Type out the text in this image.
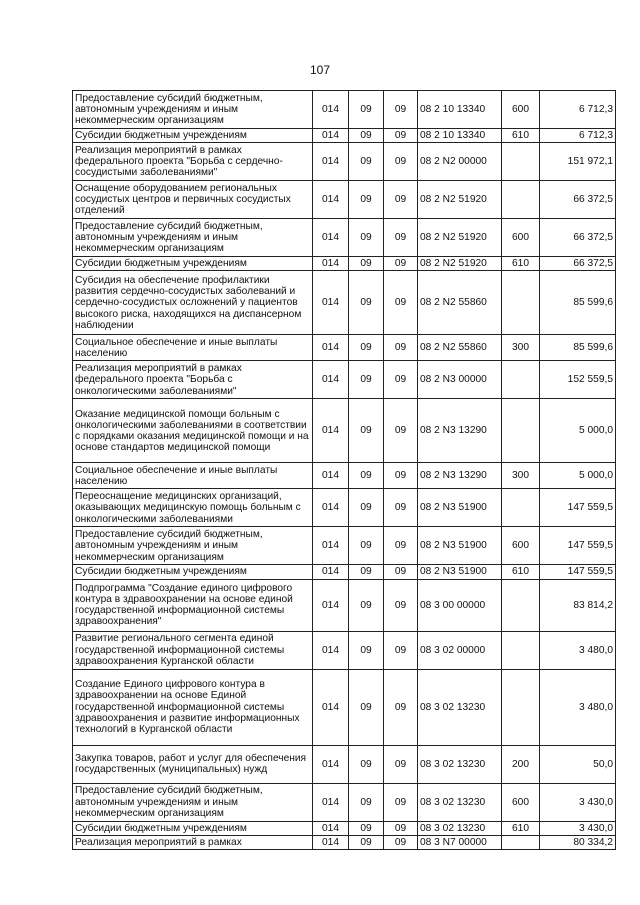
107
Предоставление субсидий бюджетным, автономным учреждениям и иным некоммерческим организациям	014	09	09	08 2 10 13340	600	6 712,3
Субсидии бюджетным учреждениям	014	09	09	08 2 10 13340	610	6 712,3
Реализация мероприятий в рамках федерального проекта "Борьба с сердечно-сосудистыми заболеваниями"	014	09	09	08 2 N2 00000		151 972,1
Оснащение оборудованием региональных сосудистых центров и первичных сосудистых отделений	014	09	09	08 2 N2 51920		66 372,5
Предоставление субсидий бюджетным, автономным учреждениям и иным некоммерческим организациям	014	09	09	08 2 N2 51920	600	66 372,5
Субсидии бюджетным учреждениям	014	09	09	08 2 N2 51920	610	66 372,5
Субсидия на обеспечение профилактики развития сердечно-сосудистых заболеваний и сердечно-сосудистых осложнений у пациентов высокого риска, находящихся на диспансерном наблюдении	014	09	09	08 2 N2 55860		85 599,6
Социальное обеспечение и иные выплаты населению	014	09	09	08 2 N2 55860	300	85 599,6
Реализация мероприятий в рамках федерального проекта "Борьба с онкологическими заболеваниями"	014	09	09	08 2 N3 00000		152 559,5
Оказание медицинской помощи больным с онкологическими заболеваниями в соответствии с порядками оказания медицинской помощи и на основе стандартов медицинской помощи	014	09	09	08 2 N3 13290		5 000,0
Социальное обеспечение и иные выплаты населению	014	09	09	08 2 N3 13290	300	5 000,0
Переоснащение медицинских организаций, оказывающих медицинскую помощь больным с онкологическими заболеваниями	014	09	09	08 2 N3 51900		147 559,5
Предоставление субсидий бюджетным, автономным учреждениям и иным некоммерческим организациям	014	09	09	08 2 N3 51900	600	147 559,5
Субсидии бюджетным учреждениям	014	09	09	08 2 N3 51900	610	147 559,5
Подпрограмма "Создание единого цифрового контура в здравоохранении на основе единой государственной информационной системы здравоохранения"	014	09	09	08 3 00 00000		83 814,2
Развитие регионального сегмента единой государственной информационной системы здравоохранения Курганской области	014	09	09	08 3 02 00000		3 480,0
Создание Единого цифрового контура в здравоохранении на основе Единой государственной информационной системы здравоохранения и развитие информационных технологий в Курганской области	014	09	09	08 3 02 13230		3 480,0
Закупка товаров, работ и услуг для обеспечения государственных (муниципальных) нужд	014	09	09	08 3 02 13230	200	50,0
Предоставление субсидий бюджетным, автономным учреждениям и иным некоммерческим организациям	014	09	09	08 3 02 13230	600	3 430,0
Субсидии бюджетным учреждениям	014	09	09	08 3 02 13230	610	3 430,0
Реализация мероприятий в рамках	014	09	09	08 3 N7 00000		80 334,2
